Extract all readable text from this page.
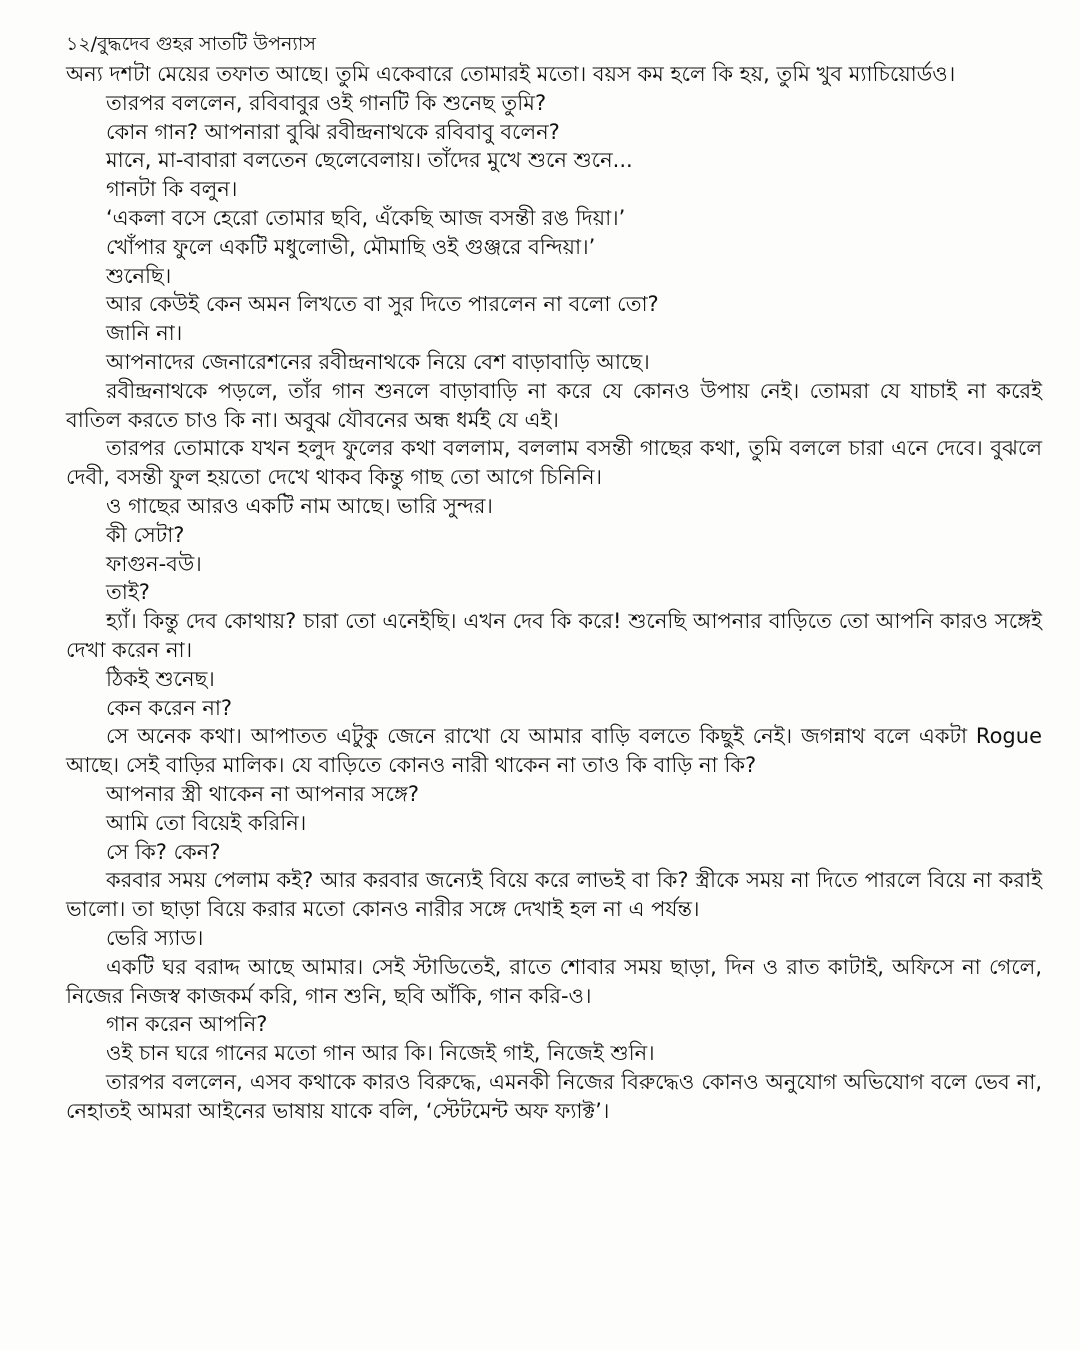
১২/বুদ্ধদেব গুহর সাতটি উপন্যাস

অন্য দশটা মেয়ের তফাত আছে। তুমি একেবারে তোমারই মতো। বয়স কম হলে কি হয়, তুমি খুব ম্যাচিয়োর্ডও।

তারপর বললেন, রবিবাবুর ওই গানটি কি শুনেছ তুমি?

কোন গান? আপনারা বুঝি রবীন্দ্রনাথকে রবিবাবু বলেন?

মানে, মা-বাবারা বলতেন ছেলেবেলায়। তাঁদের মুখে শুনে শুনে...

গানটা কি বলুন।

‘একলা বসে হেরো তোমার ছবি, এঁকেছি আজ বসন্তী রঙ দিয়া।’

খোঁপার ফুলে একটি মধুলোভী, মৌমাছি ওই গুঞ্জরে বন্দিয়া।’

শুনেছি।

আর কেউই কেন অমন লিখতে বা সুর দিতে পারলেন না বলো তো?

জানি না।

আপনাদের জেনারেশনের রবীন্দ্রনাথকে নিয়ে বেশ বাড়াবাড়ি আছে।

রবীন্দ্রনাথকে পড়লে, তাঁর গান শুনলে বাড়াবাড়ি না করে যে কোনও উপায় নেই। তোমরা যে যাচাই না করেই বাতিল করতে চাও কি না। অবুঝ যৌবনের অন্ধ ধর্মই যে এই।

তারপর তোমাকে যখন হলুদ ফুলের কথা বললাম, বললাম বসন্তী গাছের কথা, তুমি বললে চারা এনে দেবে। বুঝলে দেবী, বসন্তী ফুল হয়তো দেখে থাকব কিন্তু গাছ তো আগে চিনিনি।

ও গাছের আরও একটি নাম আছে। ভারি সুন্দর।

কী সেটা?

ফাগুন-বউ।

তাই?

হ্যাঁ। কিন্তু দেব কোথায়? চারা তো এনেইছি। এখন দেব কি করে! শুনেছি আপনার বাড়িতে তো আপনি কারও সঙ্গেই দেখা করেন না।

ঠিকই শুনেছ।

কেন করেন না?

সে অনেক কথা। আপাতত এটুকু জেনে রাখো যে আমার বাড়ি বলতে কিছুই নেই। জগন্নাথ বলে একটা Rogue আছে। সেই বাড়ির মালিক। যে বাড়িতে কোনও নারী থাকেন না তাও কি বাড়ি না কি?

আপনার স্ত্রী থাকেন না আপনার সঙ্গে?

আমি তো বিয়েই করিনি।

সে কি? কেন?

করবার সময় পেলাম কই? আর করবার জন্যেই বিয়ে করে লাভই বা কি? স্ত্রীকে সময় না দিতে পারলে বিয়ে না করাই ভালো। তা ছাড়া বিয়ে করার মতো কোনও নারীর সঙ্গে দেখাই হল না এ পর্যন্ত।

ভেরি স্যাড।

একটি ঘর বরাদ্দ আছে আমার। সেই স্টাডিতেই, রাতে শোবার সময় ছাড়া, দিন ও রাত কাটাই, অফিসে না গেলে, নিজের নিজস্ব কাজকর্ম করি, গান শুনি, ছবি আঁকি, গান করি-ও।

গান করেন আপনি?

ওই চান ঘরে গানের মতো গান আর কি। নিজেই গাই, নিজেই শুনি।

তারপর বললেন, এসব কথাকে কারও বিরুদ্ধে, এমনকী নিজের বিরুদ্ধেও কোনও অনুযোগ অভিযোগ বলে ভেব না, নেহাতই আমরা আইনের ভাষায় যাকে বলি, ‘স্টেটমেন্ট অফ ফ্যাক্ট’।
